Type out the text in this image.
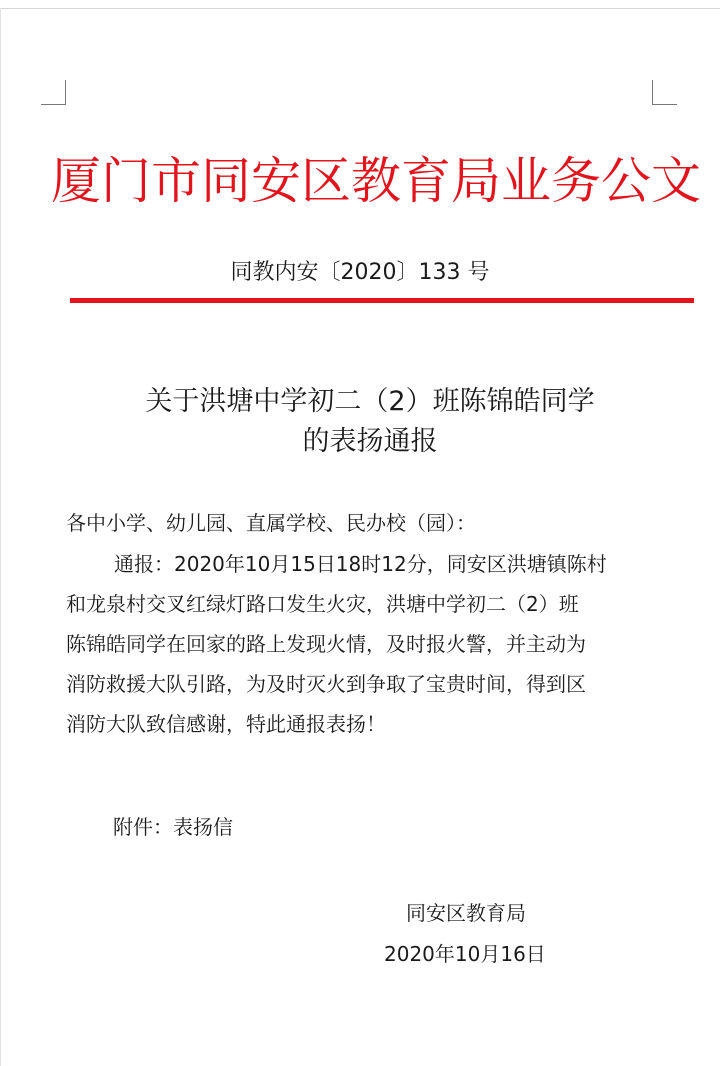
厦门市同安区教育局业务公文
同教内安〔2020〕133 号
关于洪塘中学初二（2）班陈锦皓同学
的表扬通报
各中小学、幼儿园、直属学校、民办校（园）：
通报：2020年10月15日18时12分，同安区洪塘镇陈村
和龙泉村交叉红绿灯路口发生火灾，洪塘中学初二（2）班
陈锦皓同学在回家的路上发现火情，及时报火警，并主动为
消防救援大队引路，为及时灭火到争取了宝贵时间，得到区
消防大队致信感谢，特此通报表扬！
附件：表扬信
同安区教育局
2020年10月16日
